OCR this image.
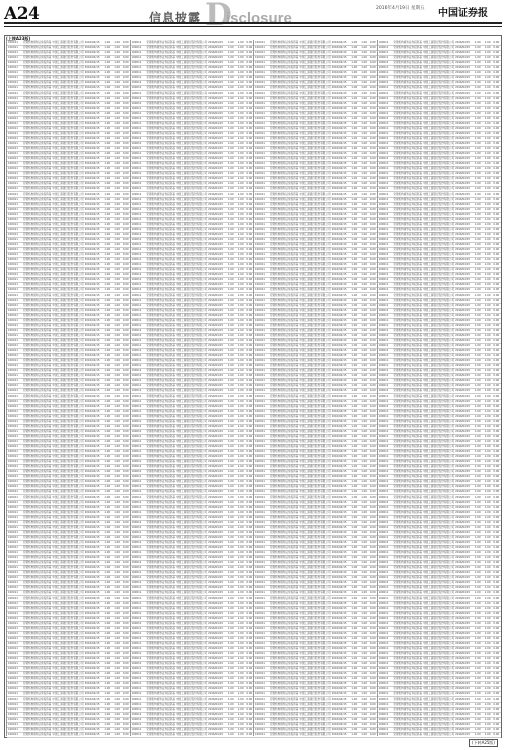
A24	信息披露 D
isclosure
2016年4月19日 星期五 中国证券报
(上接A23版)
100011	宏观机构债券证券投资基金
中国工商银行股份有限公司 2016/04/15	1.00	1.00	0.00
100011	宏观机构债券证券投资基金
中国工商银行股份有限公司 2016/04/15	1.00	1.00	0.00
100011	宏观机构债券证券投资基金
中国工商银行股份有限公司 2016/04/15	1.00	1.00	0.00
100011	宏观机构债券证券投资基金
中国工商银行股份有限公司 2016/04/15	1.00	1.00	0.00
100011	宏观机构债券证券投资基金
中国工商银行股份有限公司 2016/04/15	1.00	1.00	0.00
100011	宏观机构债券证券投资基金
中国工商银行股份有限公司 2016/04/15	1.00	1.00	0.00
100011	宏观机构债券证券投资基金
中国工商银行股份有限公司 2016/04/15	1.00	1.00	0.00
100011	宏观机构债券证券投资基金
中国工商银行股份有限公司 2016/04/15	1.00	1.00	0.00
100011	宏观机构债券证券投资基金
中国工商银行股份有限公司 2016/04/15	1.00	1.00	0.00
100011	宏观机构债券证券投资基金
中国工商银行股份有限公司 2016/04/15	1.00	1.00	0.00
100011	宏观机构债券证券投资基金
中国工商银行股份有限公司 2016/04/15	1.00	1.00	0.00
100011	宏观机构债券证券投资基金
中国工商银行股份有限公司 2016/04/15	1.00	1.00	0.00
100011	宏观机构债券证券投资基金
中国工商银行股份有限公司 2016/04/15	1.00	1.00	0.00
100011	宏观机构债券证券投资基金
中国工商银行股份有限公司 2016/04/15	1.00	1.00	0.00
100011	宏观机构债券证券投资基金
中国工商银行股份有限公司 2016/04/15	1.00	1.00	0.00
100011	宏观机构债券证券投资基金
中国工商银行股份有限公司 2016/04/15	1.00	1.00	0.00
100011	宏观机构债券证券投资基金
中国工商银行股份有限公司 2016/04/15	1.00	1.00	0.00
100011	宏观机构债券证券投资基金
中国工商银行股份有限公司 2016/04/15	1.00	1.00	0.00
100011	宏观机构债券证券投资基金
中国工商银行股份有限公司 2016/04/15	1.00	1.00	0.00
100011	宏观机构债券证券投资基金
中国工商银行股份有限公司 2016/04/15	1.00	1.00	0.00
100011	宏观机构债券证券投资基金
中国工商银行股份有限公司 2016/04/15	1.00	1.00	0.00
100011	宏观机构债券证券投资基金
中国工商银行股份有限公司 2016/04/15	1.00	1.00	0.00
100011	宏观机构债券证券投资基金
中国工商银行股份有限公司 2016/04/15	1.00	1.00	0.00
100011	宏观机构债券证券投资基金
中国工商银行股份有限公司 2016/04/15	1.00	1.00	0.00
100011	宏观机构债券证券投资基金
中国工商银行股份有限公司 2016/04/15	1.00	1.00	0.00
100011	宏观机构债券证券投资基金
中国工商银行股份有限公司 2016/04/15	1.00	1.00	0.00
100011	宏观机构债券证券投资基金
中国工商银行股份有限公司 2016/04/15	1.00	1.00	0.00
100011	宏观机构债券证券投资基金
中国工商银行股份有限公司 2016/04/15	1.00	1.00	0.00
100011	宏观机构债券证券投资基金
中国工商银行股份有限公司 2016/04/15	1.00	1.00	0.00
100011	宏观机构债券证券投资基金
中国工商银行股份有限公司 2016/04/15	1.00	1.00	0.00
100011	宏观机构债券证券投资基金
中国工商银行股份有限公司 2016/04/15	1.00	1.00	0.00
100011	宏观机构债券证券投资基金
中国工商银行股份有限公司 2016/04/15	1.00	1.00	0.00
100011	宏观机构债券证券投资基金
中国工商银行股份有限公司 2016/04/15	1.00	1.00	0.00
100011	宏观机构债券证券投资基金
中国工商银行股份有限公司 2016/04/15	1.00	1.00	0.00
100011	宏观机构债券证券投资基金
中国工商银行股份有限公司 2016/04/15	1.00	1.00	0.00
100011	宏观机构债券证券投资基金
中国工商银行股份有限公司 2016/04/15	1.00	1.00	0.00
100011	宏观机构债券证券投资基金
中国工商银行股份有限公司 2016/04/15	1.00	1.00	0.00
100011	宏观机构债券证券投资基金
中国工商银行股份有限公司 2016/04/15	1.00	1.00	0.00
100011	宏观机构债券证券投资基金
中国工商银行股份有限公司 2016/04/15	1.00	1.00	0.00
100011	宏观机构债券证券投资基金
中国工商银行股份有限公司 2016/04/15	1.00	1.00	0.00
100011	宏观机构债券证券投资基金
中国工商银行股份有限公司 2016/04/15	1.00	1.00	0.00
100011	宏观机构债券证券投资基金
中国工商银行股份有限公司 2016/04/15	1.00	1.00	0.00
100011	宏观机构债券证券投资基金
中国工商银行股份有限公司 2016/04/15	1.00	1.00	0.00
100011	宏观机构债券证券投资基金
中国工商银行股份有限公司 2016/04/15	1.00	1.00	0.00
100011	宏观机构债券证券投资基金
中国工商银行股份有限公司 2016/04/15	1.00	1.00	0.00
100011	宏观机构债券证券投资基金
中国工商银行股份有限公司 2016/04/15	1.00	1.00	0.00
100011	宏观机构债券证券投资基金
中国工商银行股份有限公司 2016/04/15	1.00	1.00	0.00
100011	宏观机构债券证券投资基金
中国工商银行股份有限公司 2016/04/15	1.00	1.00	0.00
100011	宏观机构债券证券投资基金
中国工商银行股份有限公司 2016/04/15	1.00	1.00	0.00
100011	宏观机构债券证券投资基金
中国工商银行股份有限公司 2016/04/15	1.00	1.00	0.00
100011	宏观机构债券证券投资基金
中国工商银行股份有限公司 2016/04/15	1.00	1.00	0.00
100011	宏观机构债券证券投资基金
中国工商银行股份有限公司 2016/04/15	1.00	1.00	0.00
100011	宏观机构债券证券投资基金
中国工商银行股份有限公司 2016/04/15	1.00	1.00	0.00
100011	宏观机构债券证券投资基金
中国工商银行股份有限公司 2016/04/15	1.00	1.00	0.00
100011	宏观机构债券证券投资基金
中国工商银行股份有限公司 2016/04/15	1.00	1.00	0.00
100011	宏观机构债券证券投资基金
中国工商银行股份有限公司 2016/04/15	1.00	1.00	0.00
100011	宏观机构债券证券投资基金
中国工商银行股份有限公司 2016/04/15	1.00	1.00	0.00
100011	宏观机构债券证券投资基金
中国工商银行股份有限公司 2016/04/15	1.00	1.00	0.00
100011	宏观机构债券证券投资基金
中国工商银行股份有限公司 2016/04/15	1.00	1.00	0.00
100011	宏观机构债券证券投资基金
中国工商银行股份有限公司 2016/04/15	1.00	1.00	0.00
100011	宏观机构债券证券投资基金
中国工商银行股份有限公司 2016/04/15	1.00	1.00	0.00
100011	宏观机构债券证券投资基金
中国工商银行股份有限公司 2016/04/15	1.00	1.00	0.00
100011	宏观机构债券证券投资基金
中国工商银行股份有限公司 2016/04/15	1.00	1.00	0.00
100011	宏观机构债券证券投资基金
中国工商银行股份有限公司 2016/04/15	1.00	1.00	0.00
100011	宏观机构债券证券投资基金
中国工商银行股份有限公司 2016/04/15	1.00	1.00	0.00
100011	宏观机构债券证券投资基金
中国工商银行股份有限公司 2016/04/15	1.00	1.00	0.00
100011	宏观机构债券证券投资基金
中国工商银行股份有限公司 2016/04/15	1.00	1.00	0.00
100011	宏观机构债券证券投资基金
中国工商银行股份有限公司 2016/04/15	1.00	1.00	0.00
100011	宏观机构债券证券投资基金
中国工商银行股份有限公司 2016/04/15	1.00	1.00	0.00
100011	宏观机构债券证券投资基金
中国工商银行股份有限公司 2016/04/15	1.00	1.00	0.00
100011	宏观机构债券证券投资基金
中国工商银行股份有限公司 2016/04/15	1.00	1.00	0.00
100011	宏观机构债券证券投资基金
中国工商银行股份有限公司 2016/04/15	1.00	1.00	0.00
100011	宏观机构债券证券投资基金
中国工商银行股份有限公司 2016/04/15	1.00	1.00	0.00
100011	宏观机构债券证券投资基金
中国工商银行股份有限公司 2016/04/15	1.00	1.00	0.00
100011	宏观机构债券证券投资基金
中国工商银行股份有限公司 2016/04/15	1.00	1.00	0.00
100011	宏观机构债券证券投资基金
中国工商银行股份有限公司 2016/04/15	1.00	1.00	0.00
100011	宏观机构债券证券投资基金
中国工商银行股份有限公司 2016/04/15	1.00	1.00	0.00
100011	宏观机构债券证券投资基金
中国工商银行股份有限公司 2016/04/15	1.00	1.00	0.00
100011	宏观机构债券证券投资基金
中国工商银行股份有限公司 2016/04/15	1.00	1.00	0.00
100011	宏观机构债券证券投资基金
中国工商银行股份有限公司 2016/04/15	1.00	1.00	0.00
100011	宏观机构债券证券投资基金
中国工商银行股份有限公司 2016/04/15	1.00	1.00	0.00
100011	宏观机构债券证券投资基金
中国工商银行股份有限公司 2016/04/15	1.00	1.00	0.00
100011	宏观机构债券证券投资基金
中国工商银行股份有限公司 2016/04/15	1.00	1.00	0.00
100011	宏观机构债券证券投资基金
中国工商银行股份有限公司 2016/04/15	1.00	1.00	0.00
100011	宏观机构债券证券投资基金
中国工商银行股份有限公司 2016/04/15	1.00	1.00	0.00
100011	宏观机构债券证券投资基金
中国工商银行股份有限公司 2016/04/15	1.00	1.00	0.00
100011	宏观机构债券证券投资基金
中国工商银行股份有限公司 2016/04/15	1.00	1.00	0.00
100011	宏观机构债券证券投资基金
中国工商银行股份有限公司 2016/04/15	1.00	1.00	0.00
100011	宏观机构债券证券投资基金
中国工商银行股份有限公司 2016/04/15	1.00	1.00	0.00
100011	宏观机构债券证券投资基金
中国工商银行股份有限公司 2016/04/15	1.00	1.00	0.00
100011	宏观机构债券证券投资基金
中国工商银行股份有限公司 2016/04/15	1.00	1.00	0.00
100011	宏观机构债券证券投资基金
中国工商银行股份有限公司 2016/04/15	1.00	1.00	0.00
100011	宏观机构债券证券投资基金
中国工商银行股份有限公司 2016/04/15	1.00	1.00	0.00
100011	宏观机构债券证券投资基金
中国工商银行股份有限公司 2016/04/15	1.00	1.00	0.00
100011	宏观机构债券证券投资基金
中国工商银行股份有限公司 2016/04/15	1.00	1.00	0.00
100011	宏观机构债券证券投资基金
中国工商银行股份有限公司 2016/04/15	1.00	1.00	0.00
100011	宏观机构债券证券投资基金
中国工商银行股份有限公司 2016/04/15	1.00	1.00	0.00
100011	宏观机构债券证券投资基金
中国工商银行股份有限公司 2016/04/15	1.00	1.00	0.00
100011	宏观机构债券证券投资基金
中国工商银行股份有限公司 2016/04/15	1.00	1.00	0.00
100011	宏观机构债券证券投资基金
中国工商银行股份有限公司 2016/04/15	1.00	1.00	0.00
100011	宏观机构债券证券投资基金
中国工商银行股份有限公司 2016/04/15	1.00	1.00	0.00
100011	宏观机构债券证券投资基金
中国工商银行股份有限公司 2016/04/15	1.00	1.00	0.00
100011	宏观机构债券证券投资基金
中国工商银行股份有限公司 2016/04/15	1.00	1.00	0.00
100011	宏观机构债券证券投资基金
中国工商银行股份有限公司 2016/04/15	1.00	1.00	0.00
100011	宏观机构债券证券投资基金
中国工商银行股份有限公司 2016/04/15	1.00	1.00	0.00
100011	宏观机构债券证券投资基金
中国工商银行股份有限公司 2016/04/15	1.00	1.00	0.00
100011	宏观机构债券证券投资基金
中国工商银行股份有限公司 2016/04/15	1.00	1.00	0.00
100011	宏观机构债券证券投资基金
中国工商银行股份有限公司 2016/04/15	1.00	1.00	0.00
100011	宏观机构债券证券投资基金
中国工商银行股份有限公司 2016/04/15	1.00	1.00	0.00
100011	宏观机构债券证券投资基金
中国工商银行股份有限公司 2016/04/15	1.00	1.00	0.00
100011	宏观机构债券证券投资基金
中国工商银行股份有限公司 2016/04/15	1.00	1.00	0.00
100011	宏观机构债券证券投资基金
中国工商银行股份有限公司 2016/04/15	1.00	1.00	0.00
100011	宏观机构债券证券投资基金
中国工商银行股份有限公司 2016/04/15	1.00	1.00	0.00
100011	宏观机构债券证券投资基金
中国工商银行股份有限公司 2016/04/15	1.00	1.00	0.00
100011	宏观机构债券证券投资基金
中国工商银行股份有限公司 2016/04/15	1.00	1.00	0.00
100011	宏观机构债券证券投资基金
中国工商银行股份有限公司 2016/04/15	1.00	1.00	0.00
100011	宏观机构债券证券投资基金
中国工商银行股份有限公司 2016/04/15	1.00	1.00	0.00
100011	宏观机构债券证券投资基金
中国工商银行股份有限公司 2016/04/15	1.00	1.00	0.00
100011	宏观机构债券证券投资基金
中国工商银行股份有限公司 2016/04/15	1.00	1.00	0.00
100011	宏观机构债券证券投资基金
中国工商银行股份有限公司 2016/04/15	1.00	1.00	0.00
100011	宏观机构债券证券投资基金
中国工商银行股份有限公司 2016/04/15	1.00	1.00	0.00
100011	宏观机构债券证券投资基金
中国工商银行股份有限公司 2016/04/15	1.00	1.00	0.00
100011	宏观机构债券证券投资基金
中国工商银行股份有限公司 2016/04/15	1.00	1.00	0.00
100011	宏观机构债券证券投资基金
中国工商银行股份有限公司 2016/04/15	1.00	1.00	0.00
100011	宏观机构债券证券投资基金
中国工商银行股份有限公司 2016/04/15	1.00	1.00	0.00
100011	宏观机构债券证券投资基金
中国工商银行股份有限公司 2016/04/15	1.00	1.00	0.00
100011	宏观机构债券证券投资基金
中国工商银行股份有限公司 2016/04/15	1.00	1.00	0.00
100011	宏观机构债券证券投资基金
中国工商银行股份有限公司 2016/04/15	1.00	1.00	0.00
100011	宏观机构债券证券投资基金
中国工商银行股份有限公司 2016/04/15	1.00	1.00	0.00
100011	宏观机构债券证券投资基金
中国工商银行股份有限公司 2016/04/15	1.00	1.00	0.00
100011	宏观机构债券证券投资基金
中国工商银行股份有限公司 2016/04/15	1.00	1.00	0.00
100011	宏观机构债券证券投资基金
中国工商银行股份有限公司 2016/04/15	1.00	1.00	0.00
100011	宏观机构债券证券投资基金
中国工商银行股份有限公司 2016/04/15	1.00	1.00	0.00
100011	宏观机构债券证券投资基金
中国工商银行股份有限公司 2016/04/15	1.00	1.00	0.00
100011	宏观机构债券证券投资基金
中国工商银行股份有限公司 2016/04/15	1.00	1.00	0.00
100011	宏观机构债券证券投资基金
中国工商银行股份有限公司 2016/04/15	1.00	1.00	0.00
100011	宏观机构债券证券投资基金
中国工商银行股份有限公司 2016/04/15	1.00	1.00	0.00
100011	宏观机构债券证券投资基金
中国工商银行股份有限公司 2016/04/15	1.00	1.00	0.00
100011	宏观机构债券证券投资基金
中国工商银行股份有限公司 2016/04/15	1.00	1.00	0.00
100011	宏观机构债券证券投资基金
中国工商银行股份有限公司 2016/04/15	1.00	1.00	0.00
100011	宏观机构债券证券投资基金
中国工商银行股份有限公司 2016/04/15	1.00	1.00	0.00
100011	宏观机构债券证券投资基金
中国工商银行股份有限公司 2016/04/15	1.00	1.00	0.00
100011	宏观机构债券证券投资基金
中国工商银行股份有限公司 2016/04/15	1.00	1.00	0.00
100011	宏观机构债券证券投资基金
中国工商银行股份有限公司 2016/04/15	1.00	1.00	0.00
100011	宏观机构债券证券投资基金
中国工商银行股份有限公司 2016/04/15	1.00	1.00	0.00
100011	宏观机构债券证券投资基金
中国工商银行股份有限公司 2016/04/15	1.00	1.00	0.00
100011	宏观机构债券证券投资基金
中国工商银行股份有限公司 2016/04/15	1.00	1.00	0.00
100011	宏观机构债券证券投资基金
中国工商银行股份有限公司 2016/04/15	1.00	1.00	0.00
100011	宏观机构债券证券投资基金
中国工商银行股份有限公司 2016/04/15	1.00	1.00	0.00
100011	宏观机构债券证券投资基金
中国工商银行股份有限公司 2016/04/15	1.00	1.00	0.00
100011	宏观机构债券证券投资基金
中国工商银行股份有限公司 2016/04/15	1.00	1.00	0.00
100011	宏观机构债券证券投资基金
中国工商银行股份有限公司 2016/04/15	1.00	1.00	0.00
100011	宏观机构债券证券投资基金
中国工商银行股份有限公司 2016/04/15	1.00	1.00	0.00
100011	宏观机构债券证券投资基金
中国工商银行股份有限公司 2016/04/15	1.00	1.00	0.00
100011	宏观机构债券证券投资基金
中国工商银行股份有限公司 2016/04/15	1.00	1.00	0.00
100011	宏观机构债券证券投资基金
中国工商银行股份有限公司 2016/04/15	1.00	1.00	0.00
100011	宏观机构债券证券投资基金
中国工商银行股份有限公司 2016/04/15	1.00	1.00	0.00
100011	宏观机构债券证券投资基金
中国工商银行股份有限公司 2016/04/15	1.00	1.00	0.00
100011	宏观机构债券证券投资基金
中国工商银行股份有限公司 2016/04/15	1.00	1.00	0.00
100011	宏观机构债券证券投资基金
中国工商银行股份有限公司 2016/04/15	1.00	1.00	0.00
100011	宏观机构债券证券投资基金
中国工商银行股份有限公司 2016/04/15	1.00	1.00	0.00
100011	宏观机构债券证券投资基金
中国工商银行股份有限公司 2016/04/15	1.00	1.00	0.00
100011	宏观机构债券证券投资基金
中国工商银行股份有限公司 2016/04/15	1.00	1.00	0.00
100011	宏观机构债券证券投资基金
中国工商银行股份有限公司 2016/04/15	1.00	1.00	0.00
100011	宏观机构债券证券投资基金
中国工商银行股份有限公司 2016/04/15	1.00	1.00	0.00
100011	宏观机构债券证券投资基金
中国工商银行股份有限公司 2016/04/15	1.00	1.00	0.00
100011	宏观机构债券证券投资基金
中国工商银行股份有限公司 2016/04/15	1.00	1.00	0.00
100011	宏观机构债券证券投资基金
中国工商银行股份有限公司 2016/04/15	1.00	1.00	0.00
100011	宏观机构债券证券投资基金
中国工商银行股份有限公司 2016/04/15	1.00	1.00	0.00
100011	宏观机构债券证券投资基金
中国工商银行股份有限公司 2016/04/15	1.00	1.00	0.00
100011	宏观机构债券证券投资基金
中国工商银行股份有限公司 2016/04/15	1.00	1.00	0.00
100011	宏观机构债券证券投资基金
中国工商银行股份有限公司 2016/04/15	1.00	1.00	0.00
100011	宏观机构债券证券投资基金
中国工商银行股份有限公司 2016/04/15	1.00	1.00	0.00
100011	宏观机构债券证券投资基金
中国工商银行股份有限公司 2016/04/15	1.00	1.00	0.00
100011	宏观机构债券证券投资基金
中国工商银行股份有限公司 2016/04/15	1.00	1.00	0.00
100011	宏观机构债券证券投资基金
中国工商银行股份有限公司 2016/04/15	1.00	1.00	0.00
100011	宏观机构债券证券投资基金
中国工商银行股份有限公司 2016/04/15	1.00	1.00	0.00
100011	宏观机构债券证券投资基金
中国工商银行股份有限公司 2016/04/15	1.00	1.00	0.00
100011	宏观机构债券证券投资基金
中国工商银行股份有限公司 2016/04/15	1.00	1.00	0.00
100011	宏观机构债券证券投资基金
中国工商银行股份有限公司 2016/04/15	1.00	1.00	0.00
100011	宏观机构债券证券投资基金
中国工商银行股份有限公司 2016/04/15	1.00	1.00	0.00
100011	宏观机构债券证券投资基金
中国工商银行股份有限公司 2016/04/15	1.00	1.00	0.00
100011	宏观机构债券证券投资基金
中国工商银行股份有限公司 2016/04/15	1.00	1.00	0.00
100011	宏观机构债券证券投资基金
中国工商银行股份有限公司 2016/04/15	1.00	1.00	0.00
100011	宏观机构债券证券投资基金
中国工商银行股份有限公司 2016/04/15	1.00	1.00	0.00
100011	宏观机构债券证券投资基金
中国工商银行股份有限公司 2016/04/15	1.00	1.00	0.00
100011	宏观机构债券证券投资基金
中国工商银行股份有限公司 2016/04/15	1.00	1.00	0.00
100011	宏观机构债券证券投资基金
中国工商银行股份有限公司 2016/04/15	1.00	1.00	0.00
100011	宏观机构债券证券投资基金
中国工商银行股份有限公司 2016/04/15	1.00	1.00	0.00
100011	宏观机构债券证券投资基金
中国工商银行股份有限公司 2016/04/15	1.00	1.00	0.00
100011	宏观机构债券证券投资基金
中国工商银行股份有限公司 2016/04/15	1.00	1.00	0.00
100011	宏观机构债券证券投资基金
中国工商银行股份有限公司 2016/04/15	1.00	1.00	0.00
100011	宏观机构债券证券投资基金
中国工商银行股份有限公司 2016/04/15	1.00	1.00	0.00
100011	宏观机构债券证券投资基金
中国工商银行股份有限公司 2016/04/15	1.00	1.00	0.00
100011	宏观机构债券证券投资基金
中国工商银行股份有限公司 2016/04/15	1.00	1.00	0.00
100011	宏观机构债券证券投资基金
中国工商银行股份有限公司 2016/04/15	1.00	1.00	0.00
100011	宏观机构债券证券投资基金
中国工商银行股份有限公司 2016/04/15	1.00	1.00	0.00
100011	宏观机构债券证券投资基金
中国工商银行股份有限公司 2016/04/15	1.00	1.00	0.00
100011	宏观机构债券证券投资基金
中国工商银行股份有限公司 2016/04/15	1.00	1.00	0.00
100011	宏观机构债券证券投资基金
中国工商银行股份有限公司 2016/04/15	1.00	1.00	0.00
100011	宏观机构债券证券投资基金
中国工商银行股份有限公司 2016/04/15	1.00	1.00	0.00
100011	宏观机构债券证券投资基金
中国工商银行股份有限公司 2016/04/15	1.00	1.00	0.00
100011	宏观机构债券证券投资基金
中国工商银行股份有限公司 2016/04/15	1.00	1.00	0.00
100011	宏观机构债券证券投资基金
中国工商银行股份有限公司 2016/04/15	1.00	1.00	0.00
100011	宏观机构债券证券投资基金
中国工商银行股份有限公司 2016/04/15	1.00	1.00	0.00
100011	宏观机构债券证券投资基金
中国工商银行股份有限公司 2016/04/15	1.00	1.00	0.00
100011	宏观机构债券证券投资基金
中国工商银行股份有限公司 2016/04/15	1.00	1.00	0.00
100011	宏观机构债券证券投资基金
中国工商银行股份有限公司 2016/04/15	1.00	1.00	0.00
100011	宏观机构债券证券投资基金
中国工商银行股份有限公司 2016/04/15	1.00	1.00	0.00
100011	宏观机构债券证券投资基金
中国工商银行股份有限公司 2016/04/15	1.00	1.00	0.00
100011	宏观机构债券证券投资基金
中国工商银行股份有限公司 2016/04/15	1.00	1.00	0.00
100011	宏观机构债券证券投资基金
中国工商银行股份有限公司 2016/04/15	1.00	1.00	0.00
100011	宏观机构债券证券投资基金
中国工商银行股份有限公司 2016/04/15	1.00	1.00	0.00
100011	宏观机构债券证券投资基金
中国工商银行股份有限公司 2016/04/15	1.00	1.00	0.00
100011	宏观机构债券证券投资基金
中国工商银行股份有限公司 2016/04/15	1.00	1.00	0.00
100011	宏观机构债券证券投资基金
中国工商银行股份有限公司 2016/04/15	1.00	1.00	0.00
100011	宏观机构债券证券投资基金
中国工商银行股份有限公司 2016/04/15	1.00	1.00	0.00
100011	宏观机构债券证券投资基金
中国工商银行股份有限公司 2016/04/15	1.00	1.00	0.00
100011	宏观机构债券证券投资基金
中国工商银行股份有限公司 2016/04/15	1.00	1.00	0.00
100011	宏观机构债券证券投资基金
中国工商银行股份有限公司 2016/04/15	1.00	1.00	0.00
100011	宏观机构债券证券投资基金
中国工商银行股份有限公司 2016/04/15	1.00	1.00	0.00
100011	宏观机构债券证券投资基金
中国工商银行股份有限公司 2016/04/15	1.00	1.00	0.00
100011	宏观机构债券证券投资基金
中国工商银行股份有限公司 2016/04/15	1.00	1.00	0.00
100011	宏观机构债券证券投资基金
中国工商银行股份有限公司 2016/04/15	1.00	1.00	0.00
100011	宏观机构债券证券投资基金
中国工商银行股份有限公司 2016/04/15	1.00	1.00	0.00
100011	宏观机构债券证券投资基金
中国工商银行股份有限公司 2016/04/15	1.00	1.00	0.00
100011	宏观机构债券证券投资基金
中国工商银行股份有限公司 2016/04/15	1.00	1.00	0.00
100011	宏观机构债券证券投资基金
中国工商银行股份有限公司 2016/04/15	1.00	1.00	0.00
100011	宏观机构债券证券投资基金
中国工商银行股份有限公司 2016/04/15	1.00	1.00	0.00
100011	宏观机构债券证券投资基金
中国工商银行股份有限公司 2016/04/15	1.00	1.00	0.00
100011	宏观机构债券证券投资基金
中国工商银行股份有限公司 2016/04/15	1.00	1.00	0.00
100011	宏观机构债券证券投资基金
中国工商银行股份有限公司 2016/04/15	1.00	1.00	0.00
100011	宏观机构债券证券投资基金
中国工商银行股份有限公司 2016/04/15	1.00	1.00	0.00
100011	宏观机构债券证券投资基金
中国工商银行股份有限公司 2016/04/15	1.00	1.00	0.00
100011	宏观机构债券证券投资基金
中国工商银行股份有限公司 2016/04/15	1.00	1.00	0.00
100011	宏观机构债券证券投资基金
中国工商银行股份有限公司 2016/04/15	1.00	1.00	0.00
100011	宏观机构债券证券投资基金
中国工商银行股份有限公司 2016/04/15	1.00	1.00	0.00
100011	宏观机构债券证券投资基金
中国工商银行股份有限公司 2016/04/15	1.00	1.00	0.00
100011	宏观机构债券证券投资基金
中国工商银行股份有限公司 2016/04/15	1.00	1.00	0.00
100011	宏观机构债券证券投资基金
中国工商银行股份有限公司 2016/04/15	1.00	1.00	0.00
100011	宏观机构债券证券投资基金
中国工商银行股份有限公司 2016/04/15	1.00	1.00	0.00
100011	宏观机构债券证券投资基金
中国工商银行股份有限公司 2016/04/15	1.00	1.00	0.00
100011	宏观机构债券证券投资基金
中国工商银行股份有限公司 2016/04/15	1.00	1.00	0.00
100011	宏观机构债券证券投资基金
中国工商银行股份有限公司 2016/04/15	1.00	1.00	0.00
100011	宏观机构债券证券投资基金
中国工商银行股份有限公司 2016/04/15	1.00	1.00	0.00
100011	宏观机构债券证券投资基金
中国工商银行股份有限公司 2016/04/15	1.00	1.00	0.00
100011	宏观机构债券证券投资基金
中国工商银行股份有限公司 2016/04/15	1.00	1.00	0.00
100011	宏观机构债券证券投资基金
中国工商银行股份有限公司 2016/04/15	1.00	1.00	0.00
100011	宏观机构债券证券投资基金
中国工商银行股份有限公司 2016/04/15	1.00	1.00	0.00
100011	宏观机构债券证券投资基金
中国工商银行股份有限公司 2016/04/15	1.00	1.00	0.00
100011	宏观机构债券证券投资基金
中国工商银行股份有限公司 2016/04/15	1.00	1.00	0.00
100011	宏观机构债券证券投资基金
中国工商银行股份有限公司 2016/04/15	1.00	1.00	0.00
100011	宏观机构债券证券投资基金
中国工商银行股份有限公司 2016/04/15	1.00	1.00	0.00
100011	宏观机构债券证券投资基金
中国工商银行股份有限公司 2016/04/15	1.00	1.00	0.00
100011	宏观机构债券证券投资基金
中国工商银行股份有限公司 2016/04/15	1.00	1.00	0.00
100011	宏观机构债券证券投资基金
中国工商银行股份有限公司 2016/04/15	1.00	1.00	0.00
100011	宏观机构债券证券投资基金
中国工商银行股份有限公司 2016/04/15	1.00	1.00	0.00
100011	宏观机构债券证券投资基金
中国工商银行股份有限公司 2016/04/15	1.00	1.00	0.00
100011	宏观机构债券证券投资基金
中国工商银行股份有限公司 2016/04/15	1.00	1.00	0.00
100011	宏观机构债券证券投资基金
中国工商银行股份有限公司 2016/04/15	1.00	1.00	0.00
100011	宏观机构债券证券投资基金
中国工商银行股份有限公司 2016/04/15	1.00	1.00	0.00
100011	宏观机构债券证券投资基金
中国工商银行股份有限公司 2016/04/15	1.00	1.00	0.00
100011	宏观机构债券证券投资基金
中国工商银行股份有限公司 2016/04/15	1.00	1.00	0.00
100011	宏观机构债券证券投资基金
中国工商银行股份有限公司 2016/04/15	1.00	1.00	0.00
100011	宏观机构债券证券投资基金
中国工商银行股份有限公司 2016/04/15	1.00	1.00	0.00
100011	宏观机构债券证券投资基金
中国工商银行股份有限公司 2016/04/15	1.00	1.00	0.00
100011	宏观机构债券证券投资基金
中国工商银行股份有限公司 2016/04/15	1.00	1.00	0.00
100011	宏观机构债券证券投资基金
中国工商银行股份有限公司 2016/04/15	1.00	1.00	0.00
100011	宏观机构债券证券投资基金
中国工商银行股份有限公司 2016/04/15	1.00	1.00	0.00
100011	宏观机构债券证券投资基金
中国工商银行股份有限公司 2016/04/15	1.00	1.00	0.00
100011	宏观机构债券证券投资基金
中国工商银行股份有限公司 2016/04/15	1.00	1.00	0.00
100011	宏观机构债券证券投资基金
中国工商银行股份有限公司 2016/04/15	1.00	1.00	0.00
100011	宏观机构债券证券投资基金
中国工商银行股份有限公司 2016/04/15	1.00	1.00	0.00
100011	宏观机构债券证券投资基金
中国工商银行股份有限公司 2016/04/15	1.00	1.00	0.00
100011	宏观机构债券证券投资基金
中国工商银行股份有限公司 2016/04/15	1.00	1.00	0.00
100011	宏观机构债券证券投资基金
中国工商银行股份有限公司 2016/04/15	1.00	1.00	0.00
100011	宏观机构债券证券投资基金
中国工商银行股份有限公司 2016/04/15	1.00	1.00	0.00
100011	宏观机构债券证券投资基金
中国工商银行股份有限公司 2016/04/15	1.00	1.00	0.00
100011	宏观机构债券证券投资基金
中国工商银行股份有限公司 2016/04/15	1.00	1.00	0.00
100011	宏观机构债券证券投资基金
中国工商银行股份有限公司 2016/04/15	1.00	1.00	0.00
100011	宏观机构债券证券投资基金
中国工商银行股份有限公司 2016/04/15	1.00	1.00	0.00
100011	宏观机构债券证券投资基金
中国工商银行股份有限公司 2016/04/15	1.00	1.00	0.00
100011	宏观机构债券证券投资基金
中国工商银行股份有限公司 2016/04/15	1.00	1.00	0.00
100011	宏观机构债券证券投资基金
中国工商银行股份有限公司 2016/04/15	1.00	1.00	0.00
100011	宏观机构债券证券投资基金
中国工商银行股份有限公司 2016/04/15	1.00	1.00	0.00
100011	宏观机构债券证券投资基金
中国工商银行股份有限公司 2016/04/15	1.00	1.00	0.00
100011	宏观机构债券证券投资基金
中国工商银行股份有限公司 2016/04/15	1.00	1.00	0.00
100011	宏观机构债券证券投资基金
中国工商银行股份有限公司 2016/04/15	1.00	1.00	0.00
100011	宏观机构债券证券投资基金
中国工商银行股份有限公司 2016/04/15	1.00	1.00	0.00
100011	宏观机构债券证券投资基金
中国工商银行股份有限公司 2016/04/15	1.00	1.00	0.00
100011	宏观机构债券证券投资基金
中国工商银行股份有限公司 2016/04/15	1.00	1.00	0.00
100011	宏观机构债券证券投资基金
中国工商银行股份有限公司 2016/04/15	1.00	1.00	0.00
100011	宏观机构债券证券投资基金
中国工商银行股份有限公司 2016/04/15	1.00	1.00	0.00
100011	宏观机构债券证券投资基金
中国工商银行股份有限公司 2016/04/15	1.00	1.00	0.00
100011	宏观机构债券证券投资基金
中国工商银行股份有限公司 2016/04/15	1.00	1.00	0.00
100011	宏观机构债券证券投资基金
中国工商银行股份有限公司 2016/04/15	1.00	1.00	0.00
100011	宏观机构债券证券投资基金
中国工商银行股份有限公司 2016/04/15	1.00	1.00	0.00
100011	宏观机构债券证券投资基金
中国工商银行股份有限公司 2016/04/15	1.00	1.00	0.00
100011	宏观机构债券证券投资基金
中国工商银行股份有限公司 2016/04/15	1.00	1.00	0.00
100011	宏观机构债券证券投资基金
中国工商银行股份有限公司 2016/04/15	1.00	1.00	0.00
100011	宏观机构债券证券投资基金
中国工商银行股份有限公司 2016/04/15	1.00	1.00	0.00
100011	宏观机构债券证券投资基金
中国工商银行股份有限公司 2016/04/15	1.00	1.00	0.00
100011	宏观机构债券证券投资基金
中国工商银行股份有限公司 2016/04/15	1.00	1.00	0.00
100011	宏观机构债券证券投资基金
中国工商银行股份有限公司 2016/04/15	1.00	1.00	0.00
100011	宏观机构债券证券投资基金
中国工商银行股份有限公司 2016/04/15	1.00	1.00	0.00
100011	宏观机构债券证券投资基金
中国工商银行股份有限公司 2016/04/15	1.00	1.00	0.00
100011	宏观机构债券证券投资基金
中国工商银行股份有限公司 2016/04/15	1.00	1.00	0.00
100011	宏观机构债券证券投资基金
中国工商银行股份有限公司 2016/04/15	1.00	1.00	0.00
100011	宏观机构债券证券投资基金
中国工商银行股份有限公司 2016/04/15	1.00	1.00	0.00
100011	宏观机构债券证券投资基金
中国工商银行股份有限公司 2016/04/15	1.00	1.00	0.00
100011	宏观机构债券证券投资基金
中国工商银行股份有限公司 2016/04/15	1.00	1.00	0.00
100011	宏观机构债券证券投资基金
中国工商银行股份有限公司 2016/04/15	1.00	1.00	0.00
100011	宏观机构债券证券投资基金
中国工商银行股份有限公司 2016/04/15	1.00	1.00	0.00
100011	宏观机构债券证券投资基金
中国工商银行股份有限公司 2016/04/15	1.00	1.00	0.00
100011	宏观机构债券证券投资基金
中国工商银行股份有限公司 2016/04/15	1.00	1.00	0.00
100011	宏观机构债券证券投资基金
中国工商银行股份有限公司 2016/04/15	1.00	1.00	0.00
100011	宏观机构债券证券投资基金
中国工商银行股份有限公司 2016/04/15	1.00	1.00	0.00
100011	宏观机构债券证券投资基金
中国工商银行股份有限公司 2016/04/15	1.00	1.00	0.00
100011	宏观机构债券证券投资基金
中国工商银行股份有限公司 2016/04/15	1.00	1.00	0.00
100011	宏观机构债券证券投资基金
中国工商银行股份有限公司 2016/04/15	1.00	1.00	0.00
100011	宏观机构债券证券投资基金
中国工商银行股份有限公司 2016/04/15	1.00	1.00	0.00
100011	宏观机构债券证券投资基金
中国工商银行股份有限公司 2016/04/15	1.00	1.00	0.00
100011	宏观机构债券证券投资基金
中国工商银行股份有限公司 2016/04/15	1.00	1.00	0.00
100011	宏观机构债券证券投资基金
中国工商银行股份有限公司 2016/04/15	1.00	1.00	0.00
100011	宏观机构债券证券投资基金
中国工商银行股份有限公司 2016/04/15	1.00	1.00	0.00
100011	宏观机构债券证券投资基金
中国工商银行股份有限公司 2016/04/15	1.00	1.00	0.00
100011	宏观机构债券证券投资基金
中国工商银行股份有限公司 2016/04/15	1.00	1.00	0.00
100011	宏观机构债券证券投资基金
中国工商银行股份有限公司 2016/04/15	1.00	1.00	0.00
100011	宏观机构债券证券投资基金
中国工商银行股份有限公司 2016/04/15	1.00	1.00	0.00
100011	宏观机构债券证券投资基金
中国工商银行股份有限公司 2016/04/15	1.00	1.00	0.00
100011	宏观机构债券证券投资基金
中国工商银行股份有限公司 2016/04/15	1.00	1.00	0.00
100011	宏观机构债券证券投资基金
中国工商银行股份有限公司 2016/04/15	1.00	1.00	0.00
100011	宏观机构债券证券投资基金
中国工商银行股份有限公司 2016/04/15	1.00	1.00	0.00
100011	宏观机构债券证券投资基金
中国工商银行股份有限公司 2016/04/15	1.00	1.00	0.00
100011	宏观机构债券证券投资基金
中国工商银行股份有限公司 2016/04/15	1.00	1.00	0.00
100011	宏观机构债券证券投资基金
中国工商银行股份有限公司 2016/04/15	1.00	1.00	0.00
100011	宏观机构债券证券投资基金
中国工商银行股份有限公司 2016/04/15	1.00	1.00	0.00
100011	宏观机构债券证券投资基金
中国工商银行股份有限公司 2016/04/15	1.00	1.00	0.00
100011	宏观机构债券证券投资基金
中国工商银行股份有限公司 2016/04/15	1.00	1.00	0.00
100011	宏观机构债券证券投资基金
中国工商银行股份有限公司 2016/04/15	1.00	1.00	0.00
100011	宏观机构债券证券投资基金
中国工商银行股份有限公司 2016/04/15	1.00	1.00	0.00
100011	宏观机构债券证券投资基金
中国工商银行股份有限公司 2016/04/15	1.00	1.00	0.00
100011	宏观机构债券证券投资基金
中国工商银行股份有限公司 2016/04/15	1.00	1.00	0.00
100011	宏观机构债券证券投资基金
中国工商银行股份有限公司 2016/04/15	1.00	1.00	0.00
100011	宏观机构债券证券投资基金
中国工商银行股份有限公司 2016/04/15	1.00	1.00	0.00
100011	宏观机构债券证券投资基金
中国工商银行股份有限公司 2016/04/15	1.00	1.00	0.00
100011	宏观机构债券证券投资基金
中国工商银行股份有限公司 2016/04/15	1.00	1.00	0.00
100011	宏观机构债券证券投资基金
中国工商银行股份有限公司 2016/04/15	1.00	1.00	0.00
100011	宏观机构债券证券投资基金
中国工商银行股份有限公司 2016/04/15	1.00	1.00	0.00
100011	宏观机构债券证券投资基金
中国工商银行股份有限公司 2016/04/15	1.00	1.00	0.00
100011	宏观机构债券证券投资基金
中国工商银行股份有限公司 2016/04/15	1.00	1.00	0.00
100011	宏观机构债券证券投资基金
中国工商银行股份有限公司 2016/04/15	1.00	1.00	0.00
100011	宏观机构债券证券投资基金
中国工商银行股份有限公司 2016/04/15	1.00	1.00	0.00
100011	宏观机构债券证券投资基金
中国工商银行股份有限公司 2016/04/15	1.00	1.00	0.00
100011	宏观机构债券证券投资基金
中国工商银行股份有限公司 2016/04/15	1.00	1.00	0.00
100011	宏观机构债券证券投资基金
中国工商银行股份有限公司 2016/04/15	1.00	1.00	0.00
100011	宏观机构债券证券投资基金
中国工商银行股份有限公司 2016/04/15	1.00	1.00	0.00
100011	宏观机构债券证券投资基金
中国工商银行股份有限公司 2016/04/15	1.00	1.00	0.00
100011	宏观机构债券证券投资基金
中国工商银行股份有限公司 2016/04/15	1.00	1.00	0.00
100011	宏观机构债券证券投资基金
中国工商银行股份有限公司 2016/04/15	1.00	1.00	0.00
100011	宏观机构债券证券投资基金
中国工商银行股份有限公司 2016/04/15	1.00	1.00	0.00
100011	宏观机构债券证券投资基金
中国工商银行股份有限公司 2016/04/15	1.00	1.00	0.00
100011	宏观机构债券证券投资基金
中国工商银行股份有限公司 2016/04/15	1.00	1.00	0.00
100011	宏观机构债券证券投资基金
中国工商银行股份有限公司 2016/04/15	1.00	1.00	0.00
100011	宏观机构债券证券投资基金
中国工商银行股份有限公司 2016/04/15	1.00	1.00	0.00
100011	宏观机构债券证券投资基金
中国工商银行股份有限公司 2016/04/15	1.00	1.00	0.00
100011	宏观机构债券证券投资基金
中国工商银行股份有限公司 2016/04/15	1.00	1.00	0.00
100011	宏观机构债券证券投资基金
中国工商银行股份有限公司 2016/04/15	1.00	1.00	0.00
100011	宏观机构债券证券投资基金
中国工商银行股份有限公司 2016/04/15	1.00	1.00	0.00
100011	宏观机构债券证券投资基金
中国工商银行股份有限公司 2016/04/15	1.00	1.00	0.00
100011	宏观机构债券证券投资基金
中国工商银行股份有限公司 2016/04/15	1.00	1.00	0.00
100011	宏观机构债券证券投资基金
中国工商银行股份有限公司 2016/04/15	1.00	1.00	0.00
100011	宏观机构债券证券投资基金
中国工商银行股份有限公司 2016/04/15	1.00	1.00	0.00
100011	宏观机构债券证券投资基金
中国工商银行股份有限公司 2016/04/15	1.00	1.00	0.00
100011	宏观机构债券证券投资基金
中国工商银行股份有限公司 2016/04/15	1.00	1.00	0.00
100011	宏观机构债券证券投资基金
中国工商银行股份有限公司 2016/04/15	1.00	1.00	0.00
100011	宏观机构债券证券投资基金
中国工商银行股份有限公司 2016/04/15	1.00	1.00	0.00
100011	宏观机构债券证券投资基金
中国工商银行股份有限公司 2016/04/15	1.00	1.00	0.00
100011	宏观机构债券证券投资基金
中国工商银行股份有限公司 2016/04/15	1.00	1.00	0.00
100011	宏观机构债券证券投资基金
中国工商银行股份有限公司 2016/04/15	1.00	1.00	0.00
100011	宏观机构债券证券投资基金
中国工商银行股份有限公司 2016/04/15	1.00	1.00	0.00
100011	宏观机构债券证券投资基金
中国工商银行股份有限公司 2016/04/15	1.00	1.00	0.00
100011	宏观机构债券证券投资基金
中国工商银行股份有限公司 2016/04/15	1.00	1.00	0.00
100011	宏观机构债券证券投资基金
中国工商银行股份有限公司 2016/04/15	1.00	1.00	0.00
100011	宏观机构债券证券投资基金
中国工商银行股份有限公司 2016/04/15	1.00	1.00	0.00
100011	宏观机构债券证券投资基金
中国工商银行股份有限公司 2016/04/15	1.00	1.00	0.00
100011	宏观机构债券证券投资基金
中国工商银行股份有限公司 2016/04/15	1.00	1.00	0.00
100011	宏观机构债券证券投资基金
中国工商银行股份有限公司 2016/04/15	1.00	1.00	0.00
100011	宏观机构债券证券投资基金
中国工商银行股份有限公司 2016/04/15	1.00	1.00	0.00
100011	宏观机构债券证券投资基金
中国工商银行股份有限公司 2016/04/15	1.00	1.00	0.00
100011	宏观机构债券证券投资基金
中国工商银行股份有限公司 2016/04/15	1.00	1.00	0.00
100011	宏观机构债券证券投资基金
中国工商银行股份有限公司 2016/04/15	1.00	1.00	0.00
100011	宏观机构债券证券投资基金
中国工商银行股份有限公司 2016/04/15	1.00	1.00	0.00
100011	宏观机构债券证券投资基金
中国工商银行股份有限公司 2016/04/15	1.00	1.00	0.00
100011	宏观机构债券证券投资基金
中国工商银行股份有限公司 2016/04/15	1.00	1.00	0.00
100011	宏观机构债券证券投资基金
中国工商银行股份有限公司 2016/04/15	1.00	1.00	0.00
100011	宏观机构债券证券投资基金
中国工商银行股份有限公司 2016/04/15	1.00	1.00	0.00
100011	宏观机构债券证券投资基金
中国工商银行股份有限公司 2016/04/15	1.00	1.00	0.00
100011	宏观机构债券证券投资基金
中国工商银行股份有限公司 2016/04/15	1.00	1.00	0.00
100011	宏观机构债券证券投资基金
中国工商银行股份有限公司 2016/04/15	1.00	1.00	0.00
100011	宏观机构债券证券投资基金
中国工商银行股份有限公司 2016/04/15	1.00	1.00	0.00
100011	宏观机构债券证券投资基金
中国工商银行股份有限公司 2016/04/15	1.00	1.00	0.00
100011	宏观机构债券证券投资基金
中国工商银行股份有限公司 2016/04/15	1.00	1.00	0.00
100011	宏观机构债券证券投资基金
中国工商银行股份有限公司 2016/04/15	1.00	1.00	0.00
100011	宏观机构债券证券投资基金
中国工商银行股份有限公司 2016/04/15	1.00	1.00	0.00
100011	宏观机构债券证券投资基金
中国工商银行股份有限公司 2016/04/15	1.00	1.00	0.00
100011	宏观机构债券证券投资基金
中国工商银行股份有限公司 2016/04/15	1.00	1.00	0.00
100011	宏观机构债券证券投资基金
中国工商银行股份有限公司 2016/04/15	1.00	1.00	0.00
100011	宏观机构债券证券投资基金
中国工商银行股份有限公司 2016/04/15	1.00	1.00	0.00
100011	宏观机构债券证券投资基金
中国工商银行股份有限公司 2016/04/15	1.00	1.00	0.00
100011	宏观机构债券证券投资基金
中国工商银行股份有限公司 2016/04/15	1.00	1.00	0.00
100011	宏观机构债券证券投资基金
中国工商银行股份有限公司 2016/04/15	1.00	1.00	0.00
100011	宏观机构债券证券投资基金
中国工商银行股份有限公司 2016/04/15	1.00	1.00	0.00
100011	宏观机构债券证券投资基金
中国工商银行股份有限公司 2016/04/15	1.00	1.00	0.00
100011	宏观机构债券证券投资基金
中国工商银行股份有限公司 2016/04/15	1.00	1.00	0.00
100011	宏观机构债券证券投资基金
中国工商银行股份有限公司 2016/04/15	1.00	1.00	0.00
100011	宏观机构债券证券投资基金
中国工商银行股份有限公司 2016/04/15	1.00	1.00	0.00
100011	宏观机构债券证券投资基金
中国工商银行股份有限公司 2016/04/15	1.00	1.00	0.00
100011	宏观机构债券证券投资基金
中国工商银行股份有限公司 2016/04/15	1.00	1.00	0.00
100011	宏观机构债券证券投资基金
中国工商银行股份有限公司 2016/04/15	1.00	1.00	0.00
100011	宏观机构债券证券投资基金
中国工商银行股份有限公司 2016/04/15	1.00	1.00	0.00
100011	宏观机构债券证券投资基金
中国工商银行股份有限公司 2016/04/15	1.00	1.00	0.00
100011	宏观机构债券证券投资基金
中国工商银行股份有限公司 2016/04/15	1.00	1.00	0.00
100011	宏观机构债券证券投资基金
中国工商银行股份有限公司 2016/04/15	1.00	1.00	0.00
100011	宏观机构债券证券投资基金
中国工商银行股份有限公司 2016/04/15	1.00	1.00	0.00
100011	宏观机构债券证券投资基金
中国工商银行股份有限公司 2016/04/15	1.00	1.00	0.00
100011	宏观机构债券证券投资基金
中国工商银行股份有限公司 2016/04/15	1.00	1.00	0.00
100011	宏观机构债券证券投资基金
中国工商银行股份有限公司 2016/04/15	1.00	1.00	0.00
100011	宏观机构债券证券投资基金
中国工商银行股份有限公司 2016/04/15	1.00	1.00	0.00
100011	宏观机构债券证券投资基金
中国工商银行股份有限公司 2016/04/15	1.00	1.00	0.00
100011	宏观机构债券证券投资基金
中国工商银行股份有限公司 2016/04/15	1.00	1.00	0.00
100011	宏观机构债券证券投资基金
中国工商银行股份有限公司 2016/04/15	1.00	1.00	0.00
100011	宏观机构债券证券投资基金
中国工商银行股份有限公司 2016/04/15	1.00	1.00	0.00
100011	宏观机构债券证券投资基金
中国工商银行股份有限公司 2016/04/15	1.00	1.00	0.00
100011	宏观机构债券证券投资基金
中国工商银行股份有限公司 2016/04/15	1.00	1.00	0.00
100011	宏观机构债券证券投资基金
中国工商银行股份有限公司 2016/04/15	1.00	1.00	0.00
100011	宏观机构债券证券投资基金
中国工商银行股份有限公司 2016/04/15	1.00	1.00	0.00
100011	宏观机构债券证券投资基金
中国工商银行股份有限公司 2016/04/15	1.00	1.00	0.00
100011	宏观机构债券证券投资基金
中国工商银行股份有限公司 2016/04/15	1.00	1.00	0.00
100011	宏观机构债券证券投资基金
中国工商银行股份有限公司 2016/04/15	1.00	1.00	0.00
100011	宏观机构债券证券投资基金
中国工商银行股份有限公司 2016/04/15	1.00	1.00	0.00
100011	宏观机构债券证券投资基金
中国工商银行股份有限公司 2016/04/15	1.00	1.00	0.00
100011	宏观机构债券证券投资基金
中国工商银行股份有限公司 2016/04/15	1.00	1.00	0.00
100011	宏观机构债券证券投资基金
中国工商银行股份有限公司 2016/04/15	1.00	1.00	0.00
100011	宏观机构债券证券投资基金
中国工商银行股份有限公司 2016/04/15	1.00	1.00	0.00
100011	宏观机构债券证券投资基金
中国工商银行股份有限公司 2016/04/15	1.00	1.00	0.00
100011	宏观机构债券证券投资基金
中国工商银行股份有限公司 2016/04/15	1.00	1.00	0.00
100011	宏观机构债券证券投资基金
中国工商银行股份有限公司 2016/04/15	1.00	1.00	0.00
100011	宏观机构债券证券投资基金
中国工商银行股份有限公司 2016/04/15	1.00	1.00	0.00
100011	宏观机构债券证券投资基金
中国工商银行股份有限公司 2016/04/15	1.00	1.00	0.00
100011	宏观机构债券证券投资基金
中国工商银行股份有限公司 2016/04/15	1.00	1.00	0.00
100011	宏观机构债券证券投资基金
中国工商银行股份有限公司 2016/04/15	1.00	1.00	0.00
100011	宏观机构债券证券投资基金
中国工商银行股份有限公司 2016/04/15	1.00	1.00	0.00
100011	宏观机构债券证券投资基金
中国工商银行股份有限公司 2016/04/15	1.00	1.00	0.00
100011	宏观机构债券证券投资基金
中国工商银行股份有限公司 2016/04/15	1.00	1.00	0.00
100011	宏观机构债券证券投资基金
中国工商银行股份有限公司 2016/04/15	1.00	1.00	0.00
100011	宏观机构债券证券投资基金
中国工商银行股份有限公司 2016/04/15	1.00	1.00	0.00
100011	宏观机构债券证券投资基金
中国工商银行股份有限公司 2016/04/15	1.00	1.00	0.00
100011	宏观机构债券证券投资基金
中国工商银行股份有限公司 2016/04/15	1.00	1.00	0.00
100011	宏观机构债券证券投资基金
中国工商银行股份有限公司 2016/04/15	1.00	1.00	0.00
100011	宏观机构债券证券投资基金
中国工商银行股份有限公司 2016/04/15	1.00	1.00	0.00
100011	宏观机构债券证券投资基金
中国工商银行股份有限公司 2016/04/15	1.00	1.00	0.00
100011	宏观机构债券证券投资基金
中国工商银行股份有限公司 2016/04/15	1.00	1.00	0.00
100011	宏观机构债券证券投资基金
中国工商银行股份有限公司 2016/04/15	1.00	1.00	0.00
100011	宏观机构债券证券投资基金
中国工商银行股份有限公司 2016/04/15	1.00	1.00	0.00
100011	宏观机构债券证券投资基金
中国工商银行股份有限公司 2016/04/15	1.00	1.00	0.00
100011	宏观机构债券证券投资基金
中国工商银行股份有限公司 2016/04/15	1.00	1.00	0.00
100011	宏观机构债券证券投资基金
中国工商银行股份有限公司 2016/04/15	1.00	1.00	0.00
100011	宏观机构债券证券投资基金
中国工商银行股份有限公司 2016/04/15	1.00	1.00	0.00
100011	宏观机构债券证券投资基金
中国工商银行股份有限公司 2016/04/15	1.00	1.00	0.00
100011	宏观机构债券证券投资基金
中国工商银行股份有限公司 2016/04/15	1.00	1.00	0.00
100011	宏观机构债券证券投资基金
中国工商银行股份有限公司 2016/04/15	1.00	1.00	0.00
100011	宏观机构债券证券投资基金
中国工商银行股份有限公司 2016/04/15	1.00	1.00	0.00
100011	宏观机构债券证券投资基金
中国工商银行股份有限公司 2016/04/15	1.00	1.00	0.00
100011	宏观机构债券证券投资基金
中国工商银行股份有限公司 2016/04/15	1.00	1.00	0.00
100011	宏观机构债券证券投资基金
中国工商银行股份有限公司 2016/04/15	1.00	1.00	0.00
100011	宏观机构债券证券投资基金
中国工商银行股份有限公司 2016/04/15	1.00	1.00	0.00
100011	宏观机构债券证券投资基金
中国工商银行股份有限公司 2016/04/15	1.00	1.00	0.00
100011	宏观机构债券证券投资基金
中国工商银行股份有限公司 2016/04/15	1.00	1.00	0.00
100011	宏观机构债券证券投资基金
中国工商银行股份有限公司 2016/04/15	1.00	1.00	0.00
100011	宏观机构债券证券投资基金
中国工商银行股份有限公司 2016/04/15	1.00	1.00	0.00
100011	宏观机构债券证券投资基金
中国工商银行股份有限公司 2016/04/15	1.00	1.00	0.00
100011	宏观机构债券证券投资基金
中国工商银行股份有限公司 2016/04/15	1.00	1.00	0.00
100011	宏观机构债券证券投资基金
中国工商银行股份有限公司 2016/04/15	1.00	1.00	0.00
100011	宏观机构债券证券投资基金
中国工商银行股份有限公司 2016/04/15	1.00	1.00	0.00
100011	宏观机构债券证券投资基金
中国工商银行股份有限公司 2016/04/15	1.00	1.00	0.00
100011	宏观机构债券证券投资基金
中国工商银行股份有限公司 2016/04/15	1.00	1.00	0.00
100011	宏观机构债券证券投资基金
中国工商银行股份有限公司 2016/04/15	1.00	1.00	0.00
100011	宏观机构债券证券投资基金
中国工商银行股份有限公司 2016/04/15	1.00	1.00	0.00
100011	宏观机构债券证券投资基金
中国工商银行股份有限公司 2016/04/15	1.00	1.00	0.00
100011	宏观机构债券证券投资基金
中国工商银行股份有限公司 2016/04/15	1.00	1.00	0.00
100011	宏观机构债券证券投资基金
中国工商银行股份有限公司 2016/04/15	1.00	1.00	0.00
100011	宏观机构债券证券投资基金
中国工商银行股份有限公司 2016/04/15	1.00	1.00	0.00
100011	宏观机构债券证券投资基金
中国工商银行股份有限公司 2016/04/15	1.00	1.00	0.00
100011	宏观机构债券证券投资基金
中国工商银行股份有限公司 2016/04/15	1.00	1.00	0.00
100011	宏观机构债券证券投资基金
中国工商银行股份有限公司 2016/04/15	1.00	1.00	0.00
100011	宏观机构债券证券投资基金
中国工商银行股份有限公司 2016/04/15	1.00	1.00	0.00
100011	宏观机构债券证券投资基金
中国工商银行股份有限公司 2016/04/15	1.00	1.00	0.00
100011	宏观机构债券证券投资基金
中国工商银行股份有限公司 2016/04/15	1.00	1.00	0.00
100011	宏观机构债券证券投资基金
中国工商银行股份有限公司 2016/04/15	1.00	1.00	0.00
100011	宏观机构债券证券投资基金
中国工商银行股份有限公司 2016/04/15	1.00	1.00	0.00
100011	宏观机构债券证券投资基金
中国工商银行股份有限公司 2016/04/15	1.00	1.00	0.00
100011	宏观机构债券证券投资基金
中国工商银行股份有限公司 2016/04/15	1.00	1.00	0.00
100011	宏观机构债券证券投资基金
中国工商银行股份有限公司 2016/04/15	1.00	1.00	0.00
100011	宏观机构债券证券投资基金
中国工商银行股份有限公司 2016/04/15	1.00	1.00	0.00
100011	宏观机构债券证券投资基金
中国工商银行股份有限公司 2016/04/15	1.00	1.00	0.00
100011	宏观机构债券证券投资基金
中国工商银行股份有限公司 2016/04/15	1.00	1.00	0.00
100011	宏观机构债券证券投资基金
中国工商银行股份有限公司 2016/04/15	1.00	1.00	0.00
100011	宏观机构债券证券投资基金
中国工商银行股份有限公司 2016/04/15	1.00	1.00	0.00
100011	宏观机构债券证券投资基金
中国工商银行股份有限公司 2016/04/15	1.00	1.00	0.00
100011	宏观机构债券证券投资基金
中国工商银行股份有限公司 2016/04/15	1.00	1.00	0.00
100011	宏观机构债券证券投资基金
中国工商银行股份有限公司 2016/04/15	1.00	1.00	0.00
100011	宏观机构债券证券投资基金
中国工商银行股份有限公司 2016/04/15	1.00	1.00	0.00
100011	宏观机构债券证券投资基金
中国工商银行股份有限公司 2016/04/15	1.00	1.00	0.00
100011	宏观机构债券证券投资基金
中国工商银行股份有限公司 2016/04/15	1.00	1.00	0.00
100011	宏观机构债券证券投资基金
中国工商银行股份有限公司 2016/04/15	1.00	1.00	0.00
100011	宏观机构债券证券投资基金
中国工商银行股份有限公司 2016/04/15	1.00	1.00	0.00
100011	宏观机构债券证券投资基金
中国工商银行股份有限公司 2016/04/15	1.00	1.00	0.00
100011	宏观机构债券证券投资基金
中国工商银行股份有限公司 2016/04/15	1.00	1.00	0.00
100011	宏观机构债券证券投资基金
中国工商银行股份有限公司 2016/04/15	1.00	1.00	0.00
100011	宏观机构债券证券投资基金
中国工商银行股份有限公司 2016/04/15	1.00	1.00	0.00
100011	宏观机构债券证券投资基金
中国工商银行股份有限公司 2016/04/15	1.00	1.00	0.00
100011	宏观机构债券证券投资基金
中国工商银行股份有限公司 2016/04/15	1.00	1.00	0.00
100011	宏观机构债券证券投资基金
中国工商银行股份有限公司 2016/04/15	1.00	1.00	0.00
100011	宏观机构债券证券投资基金
中国工商银行股份有限公司 2016/04/15	1.00	1.00	0.00
100011	宏观机构债券证券投资基金
中国工商银行股份有限公司 2016/04/15	1.00	1.00	0.00
100011	宏观机构债券证券投资基金
中国工商银行股份有限公司 2016/04/15	1.00	1.00	0.00
100011	宏观机构债券证券投资基金
中国工商银行股份有限公司 2016/04/15	1.00	1.00	0.00
100011	宏观机构债券证券投资基金
中国工商银行股份有限公司 2016/04/15	1.00	1.00	0.00
100011	宏观机构债券证券投资基金
中国工商银行股份有限公司 2016/04/15	1.00	1.00	0.00
100011	宏观机构债券证券投资基金
中国工商银行股份有限公司 2016/04/15	1.00	1.00	0.00
100011	宏观机构债券证券投资基金
中国工商银行股份有限公司 2016/04/15	1.00	1.00	0.00
100011	宏观机构债券证券投资基金
中国工商银行股份有限公司 2016/04/15	1.00	1.00	0.00
100011	宏观机构债券证券投资基金
中国工商银行股份有限公司 2016/04/15	1.00	1.00	0.00
100011	宏观机构债券证券投资基金
中国工商银行股份有限公司 2016/04/15	1.00	1.00	0.00
100011	宏观机构债券证券投资基金
中国工商银行股份有限公司 2016/04/15	1.00	1.00	0.00
100011	宏观机构债券证券投资基金
中国工商银行股份有限公司 2016/04/15	1.00	1.00	0.00
100011	宏观机构债券证券投资基金
中国工商银行股份有限公司 2016/04/15	1.00	1.00	0.00
100011	宏观机构债券证券投资基金
中国工商银行股份有限公司 2016/04/15	1.00	1.00	0.00
100011	宏观机构债券证券投资基金
中国工商银行股份有限公司 2016/04/15	1.00	1.00	0.00
100011	宏观机构债券证券投资基金
中国工商银行股份有限公司 2016/04/15	1.00	1.00	0.00
100011	宏观机构债券证券投资基金
中国工商银行股份有限公司 2016/04/15	1.00	1.00	0.00
100011	宏观机构债券证券投资基金
中国工商银行股份有限公司 2016/04/15	1.00	1.00	0.00
100011	宏观机构债券证券投资基金
中国工商银行股份有限公司 2016/04/15	1.00	1.00	0.00
100011	宏观机构债券证券投资基金
中国工商银行股份有限公司 2016/04/15	1.00	1.00	0.00
100011	宏观机构债券证券投资基金
中国工商银行股份有限公司 2016/04/15	1.00	1.00	0.00
100011	宏观机构债券证券投资基金
中国工商银行股份有限公司 2016/04/15	1.00	1.00	0.00
100011	宏观机构债券证券投资基金
中国工商银行股份有限公司 2016/04/15	1.00	1.00	0.00
100011	宏观机构债券证券投资基金
中国工商银行股份有限公司 2016/04/15	1.00	1.00	0.00
100011	宏观机构债券证券投资基金
中国工商银行股份有限公司 2016/04/15	1.00	1.00	0.00
100011	宏观机构债券证券投资基金
中国工商银行股份有限公司 2016/04/15	1.00	1.00	0.00
100011	宏观机构债券证券投资基金
中国工商银行股份有限公司 2016/04/15	1.00	1.00	0.00
(下转A25版)
